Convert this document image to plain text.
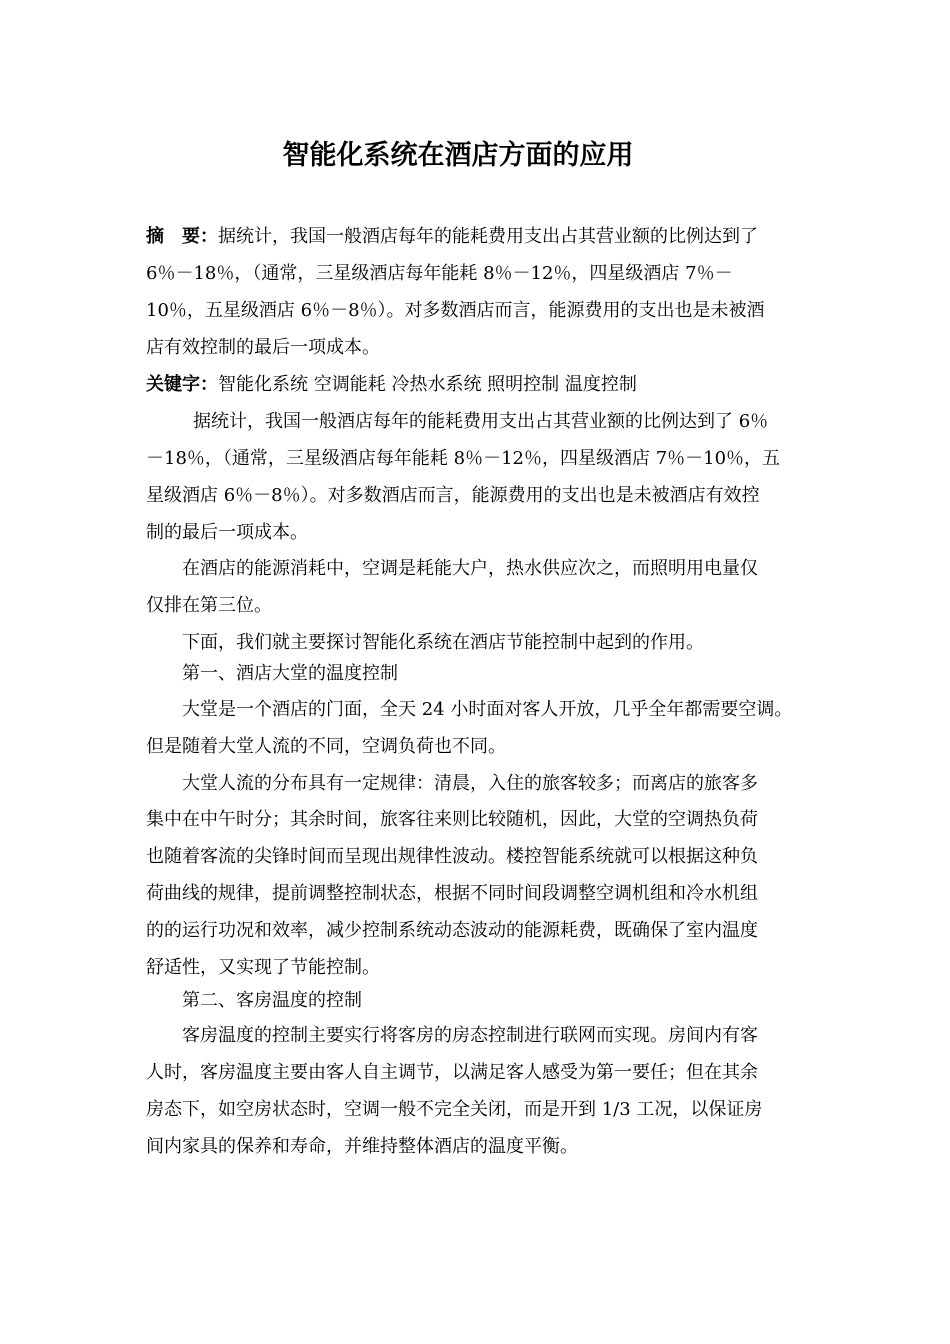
智能化系统在酒店方面的应用
摘　要：据统计，我国一般酒店每年的能耗费用支出占其营业额的比例达到了
6％－18％，（通常，三星级酒店每年能耗 8％－12％，四星级酒店 7％－
10％，五星级酒店 6％－8％）。对多数酒店而言，能源费用的支出也是未被酒
店有效控制的最后一项成本。
关键字：智能化系统 空调能耗 冷热水系统 照明控制 温度控制
据统计，我国一般酒店每年的能耗费用支出占其营业额的比例达到了 6％
－18％，（通常，三星级酒店每年能耗 8％－12％，四星级酒店 7％－10％，五
星级酒店 6％－8％）。对多数酒店而言，能源费用的支出也是未被酒店有效控
制的最后一项成本。
在酒店的能源消耗中，空调是耗能大户，热水供应次之，而照明用电量仅
仅排在第三位。
下面，我们就主要探讨智能化系统在酒店节能控制中起到的作用。
第一、酒店大堂的温度控制
大堂是一个酒店的门面，全天 24 小时面对客人开放，几乎全年都需要空调。
但是随着大堂人流的不同，空调负荷也不同。
大堂人流的分布具有一定规律：清晨，入住的旅客较多；而离店的旅客多
集中在中午时分；其余时间，旅客往来则比较随机，因此，大堂的空调热负荷
也随着客流的尖锋时间而呈现出规律性波动。楼控智能系统就可以根据这种负
荷曲线的规律，提前调整控制状态，根据不同时间段调整空调机组和冷水机组
的的运行功况和效率，减少控制系统动态波动的能源耗费，既确保了室内温度
舒适性，又实现了节能控制。
第二、客房温度的控制
客房温度的控制主要实行将客房的房态控制进行联网而实现。房间内有客
人时，客房温度主要由客人自主调节，以满足客人感受为第一要任；但在其余
房态下，如空房状态时，空调一般不完全关闭，而是开到 1/3 工况，以保证房
间内家具的保养和寿命，并维持整体酒店的温度平衡。
